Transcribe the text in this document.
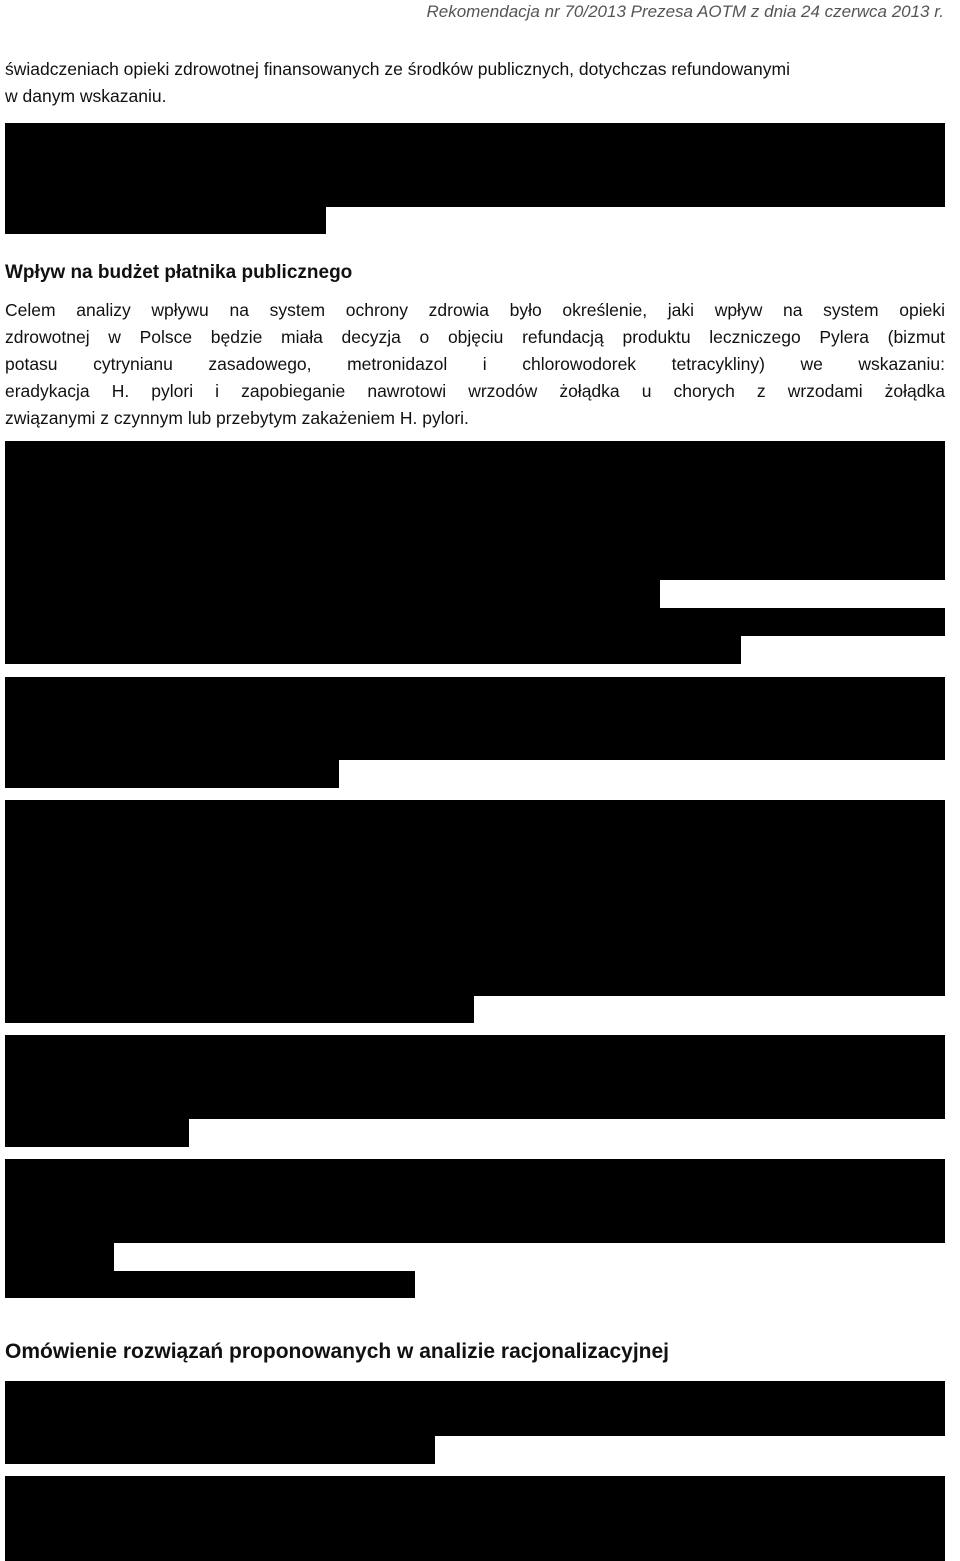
Rekomendacja nr 70/2013 Prezesa AOTM z dnia 24 czerwca 2013 r.
świadczeniach opieki zdrowotnej finansowanych ze środków publicznych, dotychczas refundowanymi
w danym wskazaniu.
Wpływ na budżet płatnika publicznego
Celem analizy wpływu na system ochrony zdrowia było określenie, jaki wpływ na system opieki
zdrowotnej w Polsce będzie miała decyzja o objęciu refundacją produktu leczniczego Pylera (bizmut
potasu cytrynianu zasadowego, metronidazol i chlorowodorek tetracykliny) we wskazaniu:
eradykacja H. pylori i zapobieganie nawrotowi wrzodów żołądka u chorych z wrzodami żołądka
związanymi z czynnym lub przebytym zakażeniem H. pylori.
Omówienie rozwiązań proponowanych w analizie racjonalizacyjnej
